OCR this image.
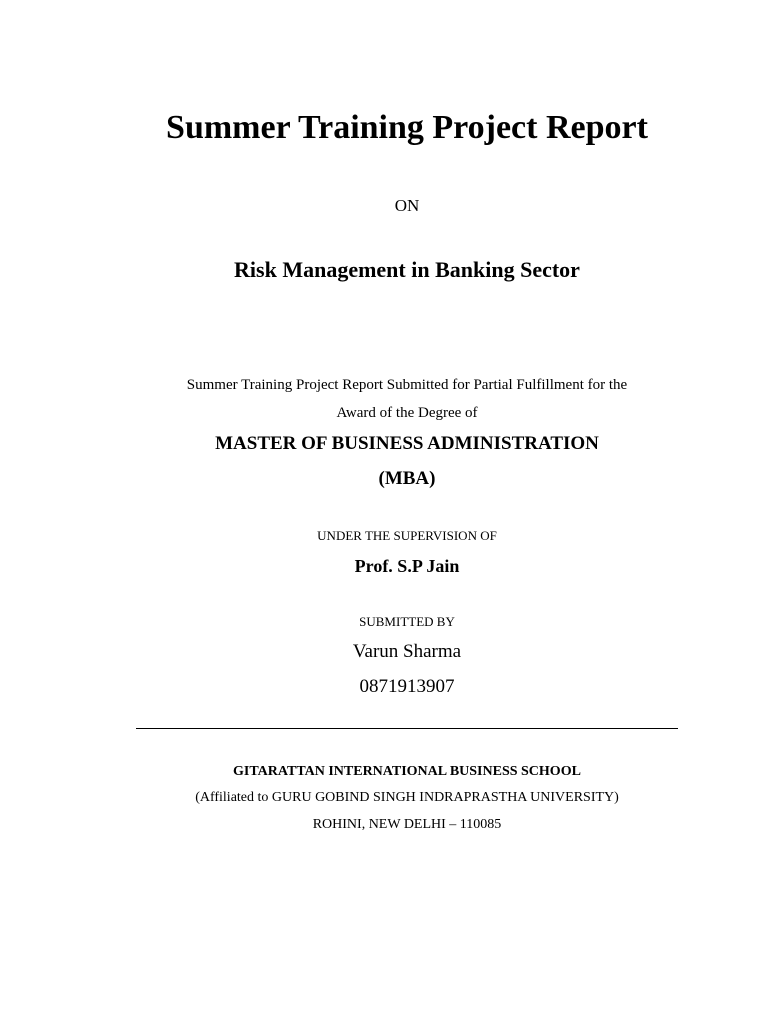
Summer Training Project Report
ON
Risk Management in Banking Sector
Summer Training Project Report Submitted for Partial Fulfillment for the
Award of the Degree of
MASTER OF BUSINESS ADMINISTRATION
(MBA)
UNDER THE SUPERVISION OF
Prof. S.P Jain
SUBMITTED BY
Varun Sharma
0871913907
GITARATTAN INTERNATIONAL BUSINESS SCHOOL
(Affiliated to GURU GOBIND SINGH INDRAPRASTHA UNIVERSITY)
ROHINI, NEW DELHI – 110085
